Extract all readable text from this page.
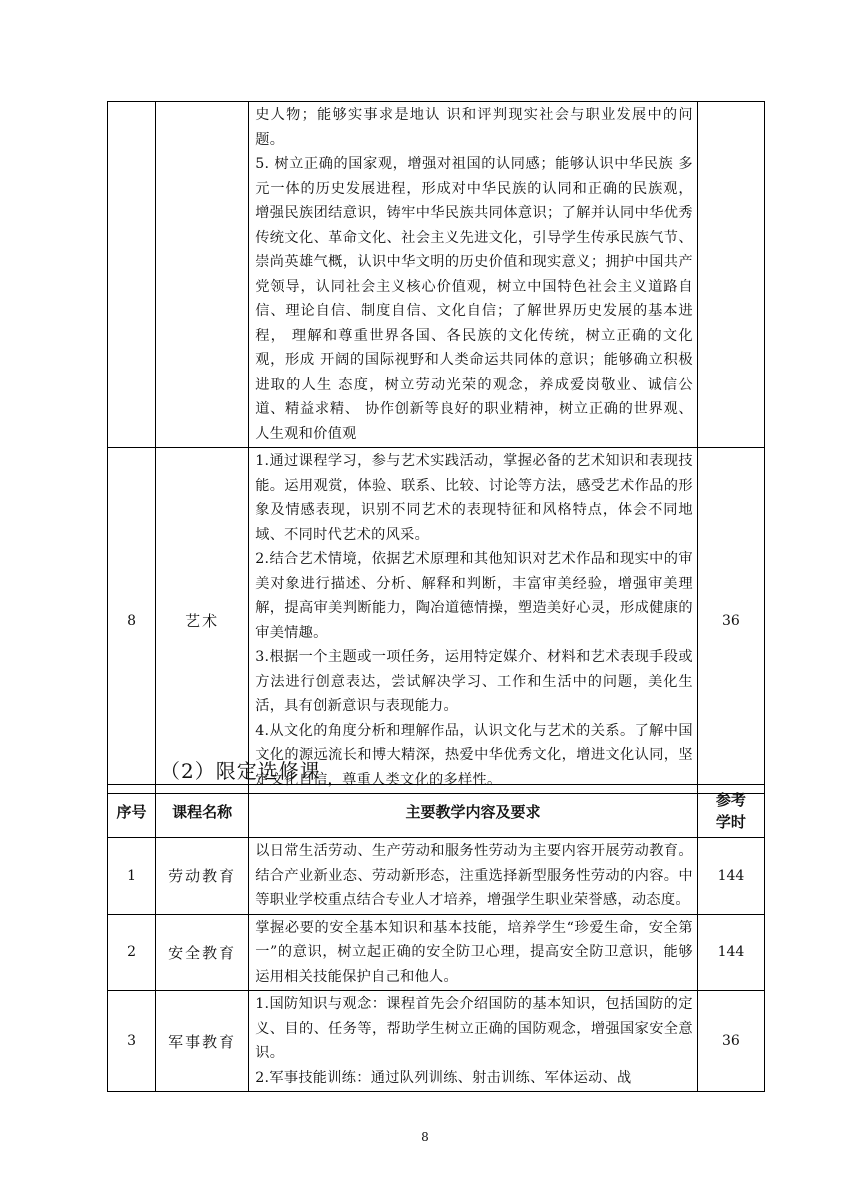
		史人物；能够实事求是地认 识和评判现实社会与职业发展中的问题。

5. 树立正确的国家观，增强对祖国的认同感；能够认识中华民族 多元一体的历史发展进程，形成对中华民族的认同和正确的民族观， 增强民族团结意识，铸牢中华民族共同体意识；了解并认同中华优秀 传统文化、革命文化、社会主义先进文化，引导学生传承民族气节、崇尚英雄气概，认识中华文明的历史价值和现实意义；拥护中国共产 党领导，认同社会主义核心价值观，树立中国特色社会主义道路自信、理论自信、制度自信、文化自信；了解世界历史发展的基本进程， 理解和尊重世界各国、各民族的文化传统，树立正确的文化观，形成 开阔的国际视野和人类命运共同体的意识；能够确立积极进取的人生 态度，树立劳动光荣的观念，养成爱岗敬业、诚信公道、精益求精、 协作创新等良好的职业精神，树立正确的世界观、人生观和价值观	

8	艺术	1.通过课程学习，参与艺术实践活动，掌握必备的艺术知识和表现技能。运用观赏，体验、联系、比较、讨论等方法，感受艺术作品的形象及情感表现，识别不同艺术的表现特征和风格特点，体会不同地域、不同时代艺术的风采。

2.结合艺术情境，依据艺术原理和其他知识对艺术作品和现实中的审美对象进行描述、分析、解释和判断，丰富审美经验，增强审美理解，提高审美判断能力，陶冶道德情操，塑造美好心灵，形成健康的审美情趣。

3.根据一个主题或一项任务，运用特定媒介、材料和艺术表现手段或方法进行创意表达，尝试解决学习、工作和生活中的问题，美化生活，具有创新意识与表现能力。

4.从文化的角度分析和理解作品，认识文化与艺术的关系。了解中国文化的源远流长和博大精深，热爱中华优秀文化，增进文化认同，坚定文化自信，尊重人类文化的多样性。	36
（2）限定选修课
序号	课程名称	主要教学内容及要求	参考
学时

1	劳动教育	以日常生活劳动、生产劳动和服务性劳动为主要内容开展劳动教育。结合产业新业态、劳动新形态，注重选择新型服务性劳动的内容。中等职业学校重点结合专业人才培养，增强学生职业荣誉感，动态度。	144
2	安全教育	掌握必要的安全基本知识和基本技能，培养学生“珍爱生命，安全第一”的意识，树立起正确的安全防卫心理，提高安全防卫意识，能够运用相关技能保护自己和他人。	144
3	军事教育	1.国防知识与观念：课程首先会介绍国防的基本知识，包括国防的定义、目的、任务等，帮助学生树立正确的国防观念，增强国家安全意识。

2.军事技能训练：通过队列训练、射击训练、军体运动、战	36
8
